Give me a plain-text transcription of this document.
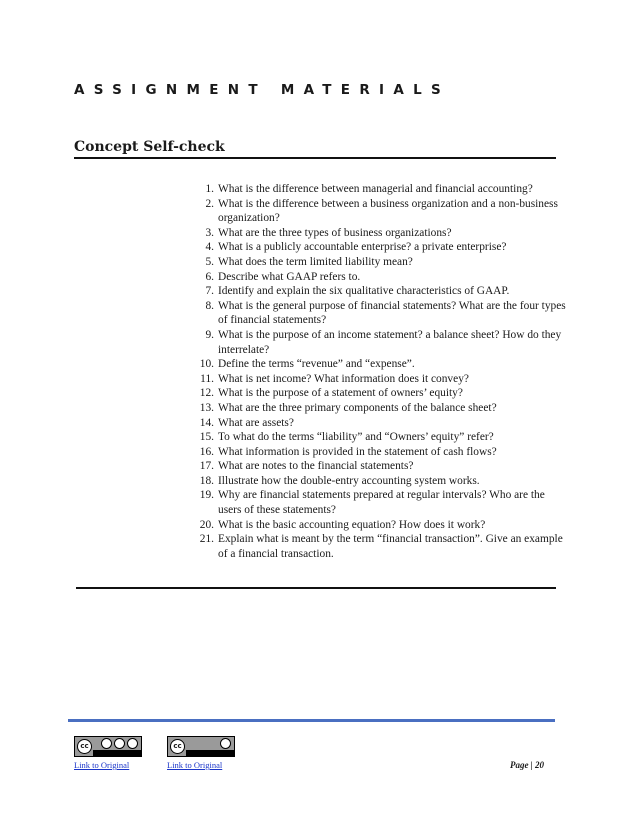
ASSIGNMENT MATERIALS
Concept Self-check
1. What is the difference between managerial and financial accounting?
2. What is the difference between a business organization and a non-business organization?
3. What are the three types of business organizations?
4. What is a publicly accountable enterprise? a private enterprise?
5. What does the term limited liability mean?
6. Describe what GAAP refers to.
7. Identify and explain the six qualitative characteristics of GAAP.
8. What is the general purpose of financial statements? What are the four types of financial statements?
9. What is the purpose of an income statement? a balance sheet? How do they interrelate?
10. Define the terms “revenue” and “expense”.
11. What is net income? What information does it convey?
12. What is the purpose of a statement of owners’ equity?
13. What are the three primary components of the balance sheet?
14. What are assets?
15. To what do the terms “liability” and “Owners’ equity” refer?
16. What information is provided in the statement of cash flows?
17. What are notes to the financial statements?
18. Illustrate how the double-entry accounting system works.
19. Why are financial statements prepared at regular intervals? Who are the users of these statements?
20. What is the basic accounting equation? How does it work?
21. Explain what is meant by the term “financial transaction”. Give an example of a financial transaction.
cc
Link to Original
cc
Link to Original	Page | 20
